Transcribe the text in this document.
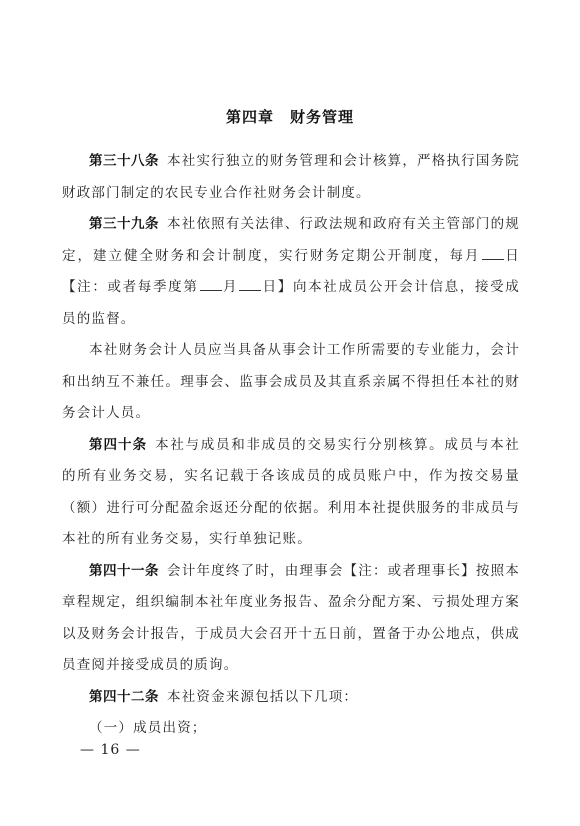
第四章　财务管理

第三十八条 本社实行独立的财务管理和会计核算，严格执行国务院财政部门制定的农民专业合作社财务会计制度。

第三十九条 本社依照有关法律、行政法规和政府有关主管部门的规定，建立健全财务和会计制度，实行财务定期公开制度，每月 日【注：或者每季度第 月 日】向本社成员公开会计信息，接受成员的监督。

本社财务会计人员应当具备从事会计工作所需要的专业能力，会计和出纳互不兼任。理事会、监事会成员及其直系亲属不得担任本社的财务会计人员。

第四十条 本社与成员和非成员的交易实行分别核算。成员与本社的所有业务交易，实名记载于各该成员的成员账户中，作为按交易量（额）进行可分配盈余返还分配的依据。利用本社提供服务的非成员与本社的所有业务交易，实行单独记账。

第四十一条 会计年度终了时，由理事会【注：或者理事长】按照本章程规定，组织编制本社年度业务报告、盈余分配方案、亏损处理方案以及财务会计报告，于成员大会召开十五日前，置备于办公地点，供成员查阅并接受成员的质询。

第四十二条 本社资金来源包括以下几项：

（一）成员出资；

— 16 —
